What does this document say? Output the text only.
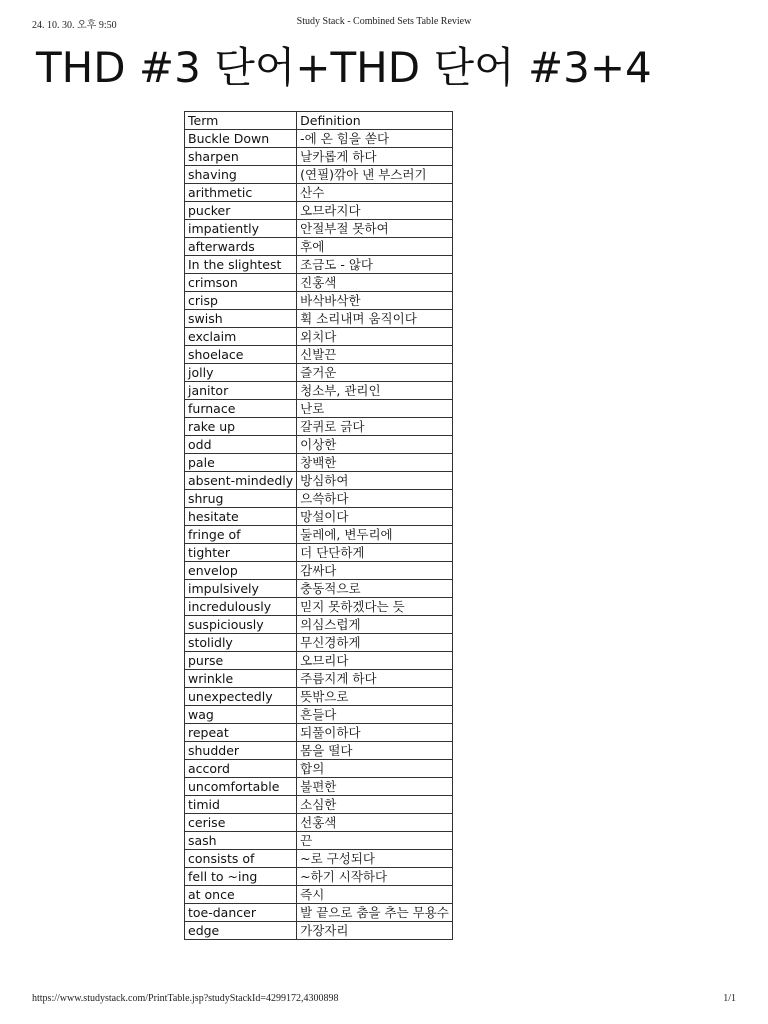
24. 10. 30. 오후 9:50	Study Stack - Combined Sets Table Review
THD #3 단어+THD 단어 #3+4
Term	Definition
Buckle Down	-에 온 힘을 쏟다
sharpen	날카롭게 하다
shaving	(연필)깎아 낸 부스러기
arithmetic	산수
pucker	오므라지다
impatiently	안절부절 못하여
afterwards	후에
In the slightest	조금도 - 않다
crimson	진홍색
crisp	바삭바삭한
swish	휙 소리내며 움직이다
exclaim	외치다
shoelace	신발끈
jolly	즐거운
janitor	청소부, 관리인
furnace	난로
rake up	갈퀴로 긁다
odd	이상한
pale	창백한
absent-mindedly	방심하여
shrug	으쓱하다
hesitate	망설이다
fringe of	둘레에, 변두리에
tighter	더 단단하게
envelop	감싸다
impulsively	충동적으로
incredulously	믿지 못하겠다는 듯
suspiciously	의심스럽게
stolidly	무신경하게
purse	오므리다
wrinkle	주름지게 하다
unexpectedly	뜻밖으로
wag	흔들다
repeat	되풀이하다
shudder	몸을 떨다
accord	합의
uncomfortable	불편한
timid	소심한
cerise	선홍색
sash	끈
consists of	~로 구성되다
fell to ~ing	~하기 시작하다
at once	즉시
toe-dancer	발 끝으로 춤을 추는 무용수
edge	가장자리
https://www.studystack.com/PrintTable.jsp?studyStackId=4299172,4300898	1/1
